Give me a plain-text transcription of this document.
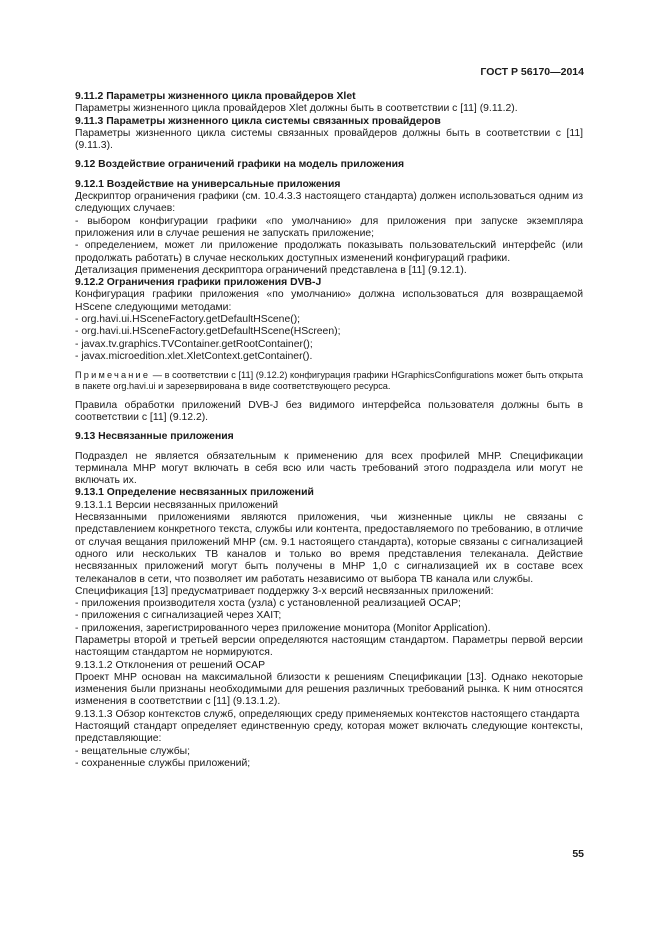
ГОСТ Р 56170—2014

9.11.2 Параметры жизненного цикла провайдеров Xlet

Параметры жизненного цикла провайдеров Xlet должны быть в соответствии с [11] (9.11.2).

9.11.3 Параметры жизненного цикла системы связанных провайдеров

Параметры жизненного цикла системы связанных провайдеров должны быть в соответствии с [11] (9.11.3).

9.12 Воздействие ограничений графики на модель приложения

9.12.1 Воздействие на универсальные приложения

Дескриптор ограничения графики (см. 10.4.3.3 настоящего стандарта) должен использоваться одним из следующих случаев:

- выбором конфигурации графики «по умолчанию» для приложения при запуске экземпляра приложения или в случае решения не запускать приложение;

- определением, может ли приложение продолжать показывать пользовательский интерфейс (или продолжать работать) в случае нескольких доступных изменений конфигураций графики.

Детализация применения дескриптора ограничений представлена в [11] (9.12.1).

9.12.2 Ограничения графики приложения DVB-J

Конфигурация графики приложения «по умолчанию» должна использоваться для возвращаемой HScene следующими методами:

- org.havi.ui.HSceneFactory.getDefaultHScene();

- org.havi.ui.HSceneFactory.getDefaultHScene(HScreen);

- javax.tv.graphics.TVContainer.getRootContainer();

- javax.microedition.xlet.XletContext.getContainer().

Примечание — в соответствии с [11] (9.12.2) конфигурация графики HGraphicsConfigurations может быть открыта в пакете org.havi.ui и зарезервирована в виде соответствующего ресурса.

Правила обработки приложений DVB-J без видимого интерфейса пользователя должны быть в соответствии с [11] (9.12.2).

9.13 Несвязанные приложения

Подраздел не является обязательным к применению для всех профилей МНР. Спецификации терминала МНР могут включать в себя всю или часть требований этого подраздела или могут не включать их.

9.13.1 Определение несвязанных приложений

9.13.1.1 Версии несвязанных приложений

Несвязанными приложениями являются приложения, чьи жизненные циклы не связаны с представлением конкретного текста, службы или контента, предоставляемого по требованию, в отличие от случая вещания приложений МНР (см. 9.1 настоящего стандарта), которые связаны с сигнализацией одного или нескольких ТВ каналов и только во время представления телеканала. Действие несвязанных приложений могут быть получены в МНР 1,0 с сигнализацией их в составе всех телеканалов в сети, что позволяет им работать независимо от выбора ТВ канала или службы.

Спецификация [13] предусматривает поддержку 3-х версий несвязанных приложений:

- приложения производителя хоста (узла) с установленной реализацией OCAP;

- приложения с сигнализацией через XAIT;

- приложения, зарегистрированного через приложение монитора (Monitor Application).

Параметры второй и третьей версии определяются настоящим стандартом. Параметры первой версии настоящим стандартом не нормируются.

9.13.1.2 Отклонения от решений OCAP

Проект МНР основан на максимальной близости к решениям Спецификации [13]. Однако некоторые изменения были признаны необходимыми для решения различных требований рынка. К ним относятся изменения в соответствии с [11] (9.13.1.2).

9.13.1.3 Обзор контекстов служб, определяющих среду применяемых контекстов настоящего стандарта

Настоящий стандарт определяет единственную среду, которая может включать следующие контексты, представляющие:

- вещательные службы;

- сохраненные службы приложений;

55
